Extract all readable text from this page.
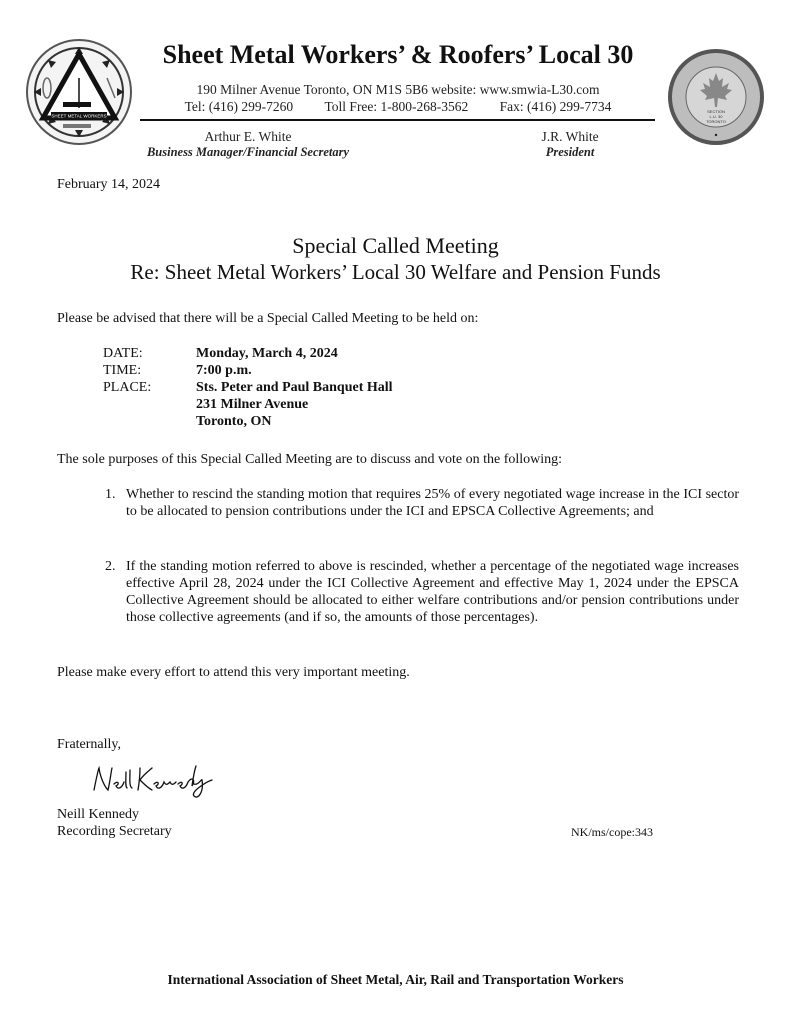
SHEET METAL WORKERS
Sheet Metal Workers’ & Roofers’ Local 30
190 Milner Avenue Toronto, ON M1S 5B6 website: www.smwia-L30.com
Tel: (416) 299-7260 Toll Free: 1-800-268-3562 Fax: (416) 299-7734
Arthur E. White
Business Manager/Financial Secretary
J.R. White
President
SECTION
L.U. 30
TORONTO
February 14, 2024
Special Called Meeting
Re: Sheet Metal Workers’ Local 30 Welfare and Pension Funds
Please be advised that there will be a Special Called Meeting to be held on:
DATE:	Monday, March 4, 2024
TIME:	7:00 p.m.
PLACE:	Sts. Peter and Paul Banquet Hall
231 Milner Avenue
Toronto, ON
The sole purposes of this Special Called Meeting are to discuss and vote on the following:
1. Whether to rescind the standing motion that requires 25% of every negotiated wage increase in the ICI sector to be allocated to pension contributions under the ICI and EPSCA Collective Agreements; and
2. If the standing motion referred to above is rescinded, whether a percentage of the negotiated wage increases effective April 28, 2024 under the ICI Collective Agreement and effective May 1, 2024 under the EPSCA Collective Agreement should be allocated to either welfare contributions and/or pension contributions under those collective agreements (and if so, the amounts of those percentages).
Please make every effort to attend this very important meeting.
Fraternally,
Neill Kennedy
Recording Secretary	NK/ms/cope:343
International Association of Sheet Metal, Air, Rail and Transportation Workers
